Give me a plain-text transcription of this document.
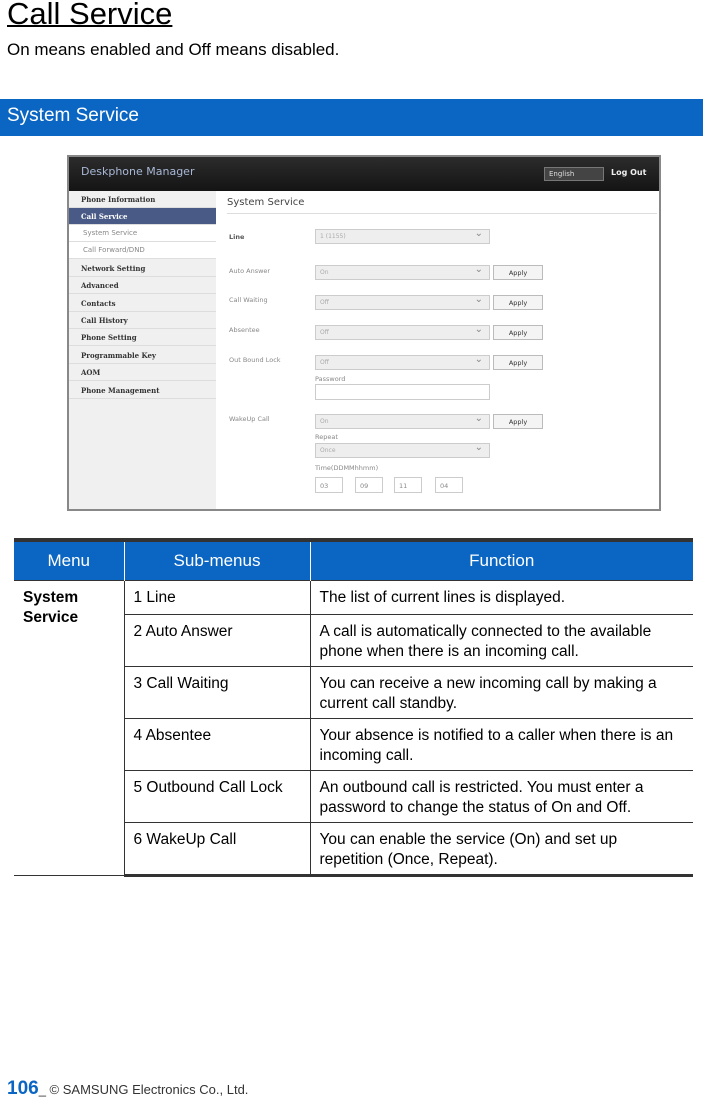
Call Service
On means enabled and Off means disabled.
System Service
Deskphone Manager	English	Log Out
Phone Information
Call Service
System Service
Call Forward/DND
Network Setting
Advanced
Contacts
Call History
Phone Setting
Programmable Key
AOM
Phone Management
System Service
Line	1 (1155) ⌄
Auto Answer	On ⌄	Apply
Call Waiting	Off ⌄	Apply
Absentee	Off ⌄	Apply
Out Bound Lock	Off ⌄	Apply
Password
WakeUp Call	On ⌄	Apply
Repeat
Once ⌄
Time(DDMMhhmm)
03	09	11	04
Menu	Sub-menus	Function
System Service	1 Line	The list of current lines is displayed.
	2 Auto Answer	A call is automatically connected to the available phone when there is an incoming call.
	3 Call Waiting	You can receive a new incoming call by making a current call standby.
	4 Absentee	Your absence is notified to a caller when there is an incoming call.
	5 Outbound Call Lock	An outbound call is restricted. You must enter a password to change the status of On and Off.
	6 WakeUp Call	You can enable the service (On) and set up repetition (Once, Repeat).
106_ © SAMSUNG Electronics Co., Ltd.
